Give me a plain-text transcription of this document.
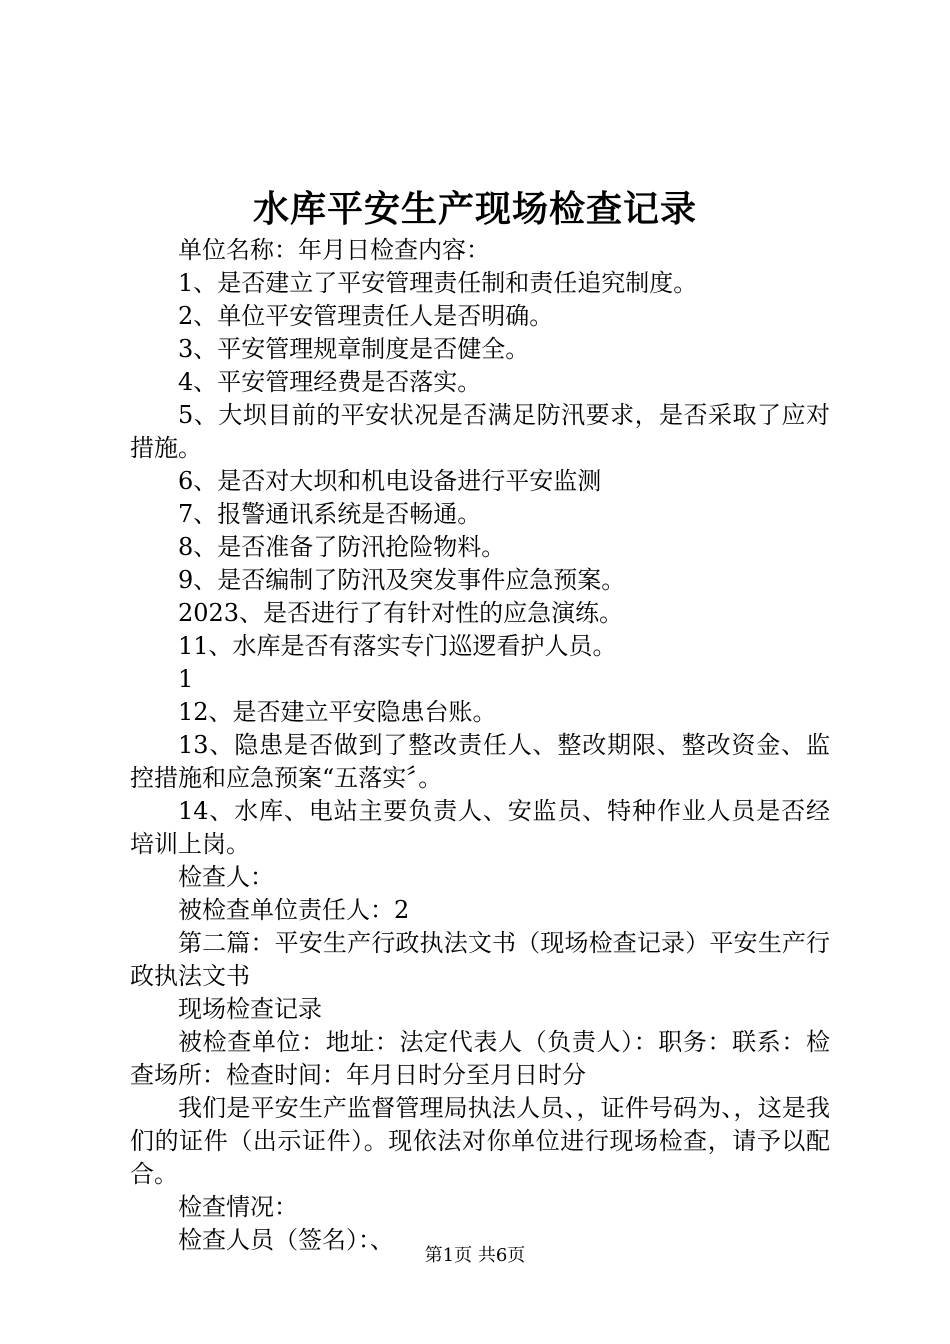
水库平安生产现场检查记录

单位名称：年月日检查内容：

1、是否建立了平安管理责任制和责任追究制度。

2、单位平安管理责任人是否明确。

3、平安管理规章制度是否健全。

4、平安管理经费是否落实。

5、大坝目前的平安状况是否满足防汛要求，是否采取了应对措施。

6、是否对大坝和机电设备进行平安监测

7、报警通讯系统是否畅通。

8、是否准备了防汛抢险物料。

9、是否编制了防汛及突发事件应急预案。

2023、是否进行了有针对性的应急演练。

11、水库是否有落实专门巡逻看护人员。

1

12、是否建立平安隐患台账。

13、隐患是否做到了整改责任人、整改期限、整改资金、监控措施和应急预案“五落实〞。

14、水库、电站主要负责人、安监员、特种作业人员是否经培训上岗。

检查人：

被检查单位责任人：2

第二篇：平安生产行政执法文书（现场检查记录）平安生产行政执法文书

现场检查记录

被检查单位：地址：法定代表人（负责人）：职务：联系：检查场所：检查时间：年月日时分至月日时分

我们是平安生产监督管理局执法人员、，证件号码为、，这是我们的证件（出示证件）。现依法对你单位进行现场检查，请予以配合。

检查情况：

检查人员（签名）：、

第1页 共6页
